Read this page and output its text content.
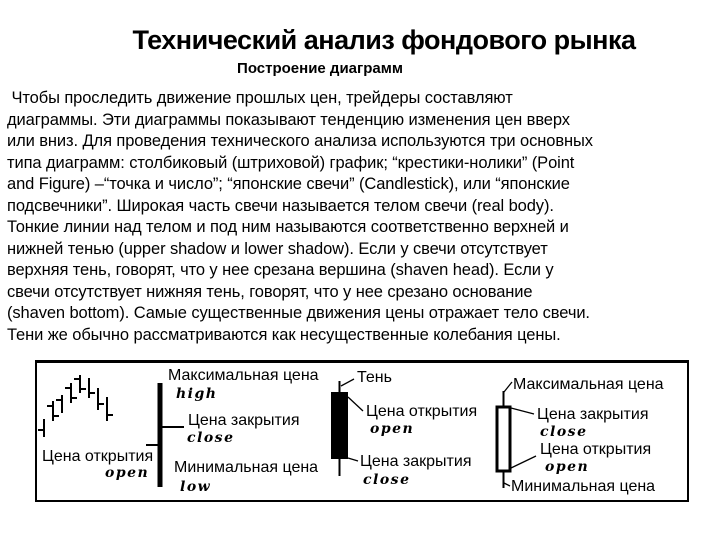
Технический анализ фондового рынка
Построение диаграмм
Чтобы проследить движение прошлых цен, трейдеры составляют
диаграммы. Эти диаграммы показывают тенденцию изменения цен вверх
или вниз. Для проведения технического анализа используются три основных
типа диаграмм: столбиковый (штриховой) график; “крестики-нолики” (Point
and Figure) –“точка и число”; “японские свечи” (Candlestick), или “японские
подсвечники”. Широкая часть свечи называется телом свечи (real body).
Тонкие линии над телом и под ним называются соответственно верхней и
нижней тенью (upper shadow и lower shadow). Если у свечи отсутствует
верхняя тень, говорят, что у нее срезана вершина (shaven head). Если у
свечи отсутствует нижняя тень, говорят, что у нее срезано основание
(shaven bottom). Самые существенные движения цены отражает тело свечи.
Тени же обычно рассматриваются как несущественные колебания цены.
Максимальная цена
high
Цена закрытия
close
Минимальная цена
low
Цена открытия
open
Тень
Цена открытия
open
Цена закрытия
close
Максимальная цена
Цена закрытия
close
Цена открытия
open
Минимальная цена
